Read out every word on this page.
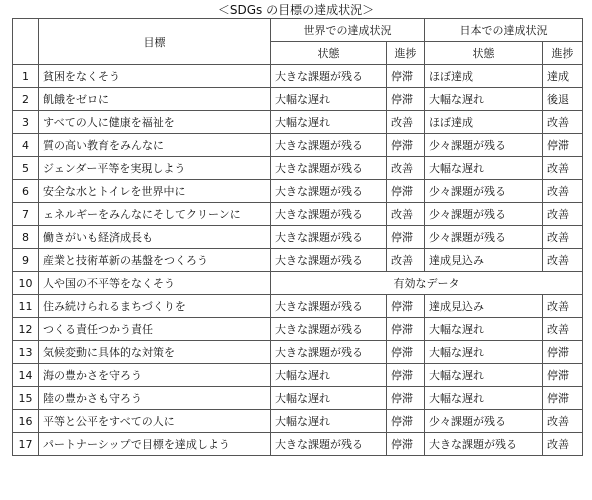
＜SDGs の目標の達成状況＞
	目標	世界での達成状況		日本での達成状況	
		状態	進捗	状態	進捗
1	貧困をなくそう	大きな課題が残る	停滞	ほぼ達成	達成
2	飢餓をゼロに	大幅な遅れ	停滞	大幅な遅れ	後退
3	すべての人に健康を福祉を	大幅な遅れ	改善	ほぼ達成	改善
4	質の高い教育をみんなに	大きな課題が残る	停滞	少々課題が残る	停滞
5	ジェンダー平等を実現しよう	大きな課題が残る	改善	大幅な遅れ	改善
6	安全な水とトイレを世界中に	大きな課題が残る	停滞	少々課題が残る	改善
7	ェネルギーをみんなにそしてクリーンに	大きな課題が残る	改善	少々課題が残る	改善
8	働きがいも経済成長も	大きな課題が残る	停滞	少々課題が残る	改善
9	産業と技術革新の基盤をつくろう	大きな課題が残る	改善	達成見込み	改善
10	人や国の不平等をなくそう	有効なデータ			
11	住み続けられるまちづくりを	大きな課題が残る	停滞	達成見込み	改善
12	つくる責任つかう責任	大きな課題が残る	停滞	大幅な遅れ	改善
13	気候変動に具体的な対策を	大きな課題が残る	停滞	大幅な遅れ	停滞
14	海の豊かさを守ろう	大幅な遅れ	停滞	大幅な遅れ	停滞
15	陸の豊かさも守ろう	大幅な遅れ	停滞	大幅な遅れ	停滞
16	平等と公平をすべての人に	大幅な遅れ	停滞	少々課題が残る	改善
17	パートナーシップで目標を達成しよう	大きな課題が残る	停滞	大きな課題が残る	改善
